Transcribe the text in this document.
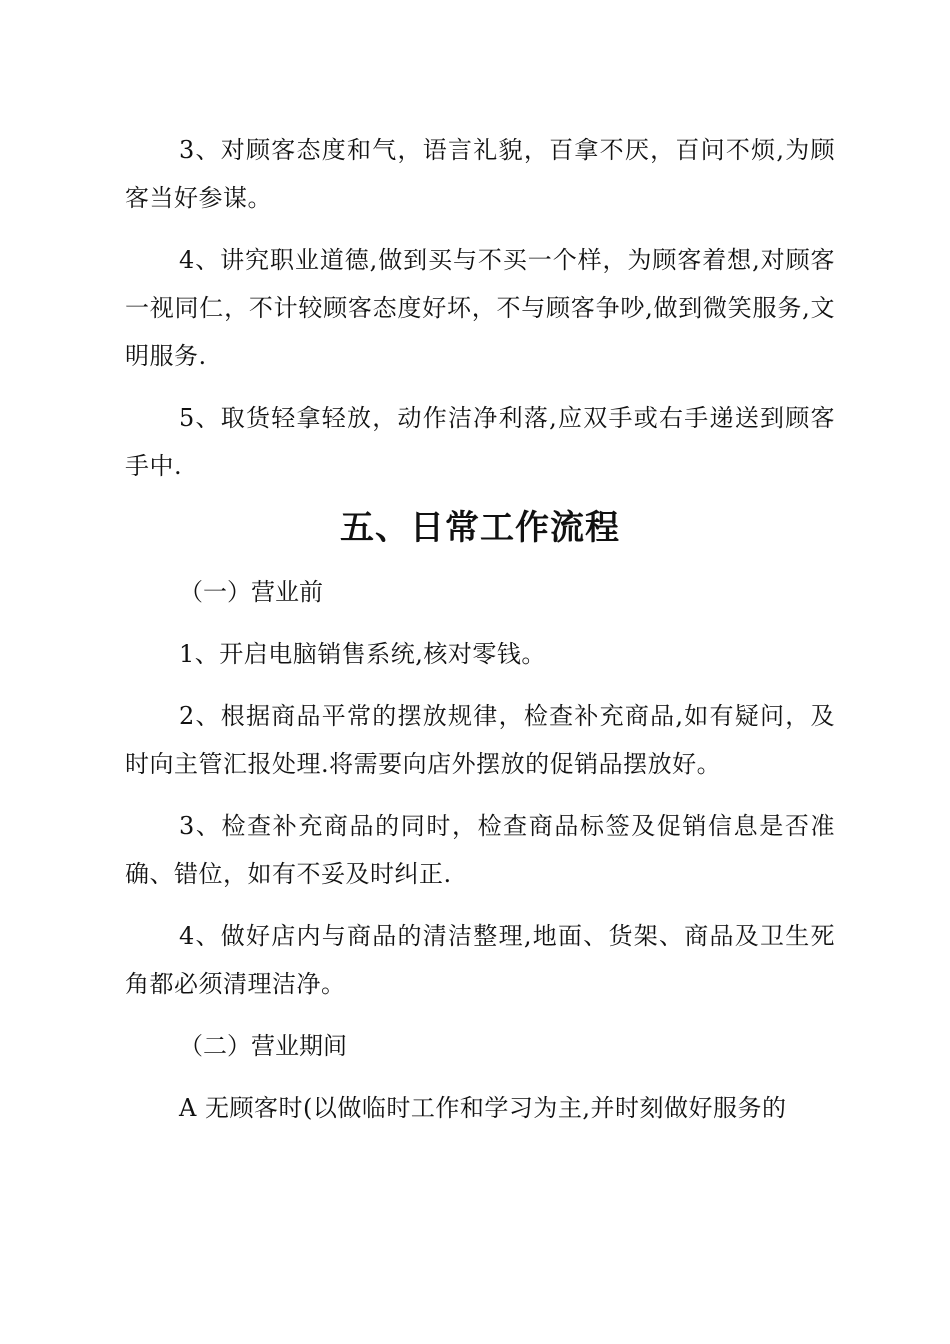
3、对顾客态度和气，语言礼貌，百拿不厌，百问不烦,为顾客当好参谋。

4、讲究职业道德,做到买与不买一个样，为顾客着想,对顾客一视同仁，不计较顾客态度好坏，不与顾客争吵,做到微笑服务,文明服务.

5、取货轻拿轻放，动作洁净利落,应双手或右手递送到顾客手中.

五、日常工作流程

（一）营业前

1、开启电脑销售系统,核对零钱。

2、根据商品平常的摆放规律，检查补充商品,如有疑问，及时向主管汇报处理.将需要向店外摆放的促销品摆放好。

3、检查补充商品的同时，检查商品标签及促销信息是否准确、错位，如有不妥及时纠正.

4、做好店内与商品的清洁整理,地面、货架、商品及卫生死角都必须清理洁净。

（二）营业期间

A 无顾客时(以做临时工作和学习为主,并时刻做好服务的
